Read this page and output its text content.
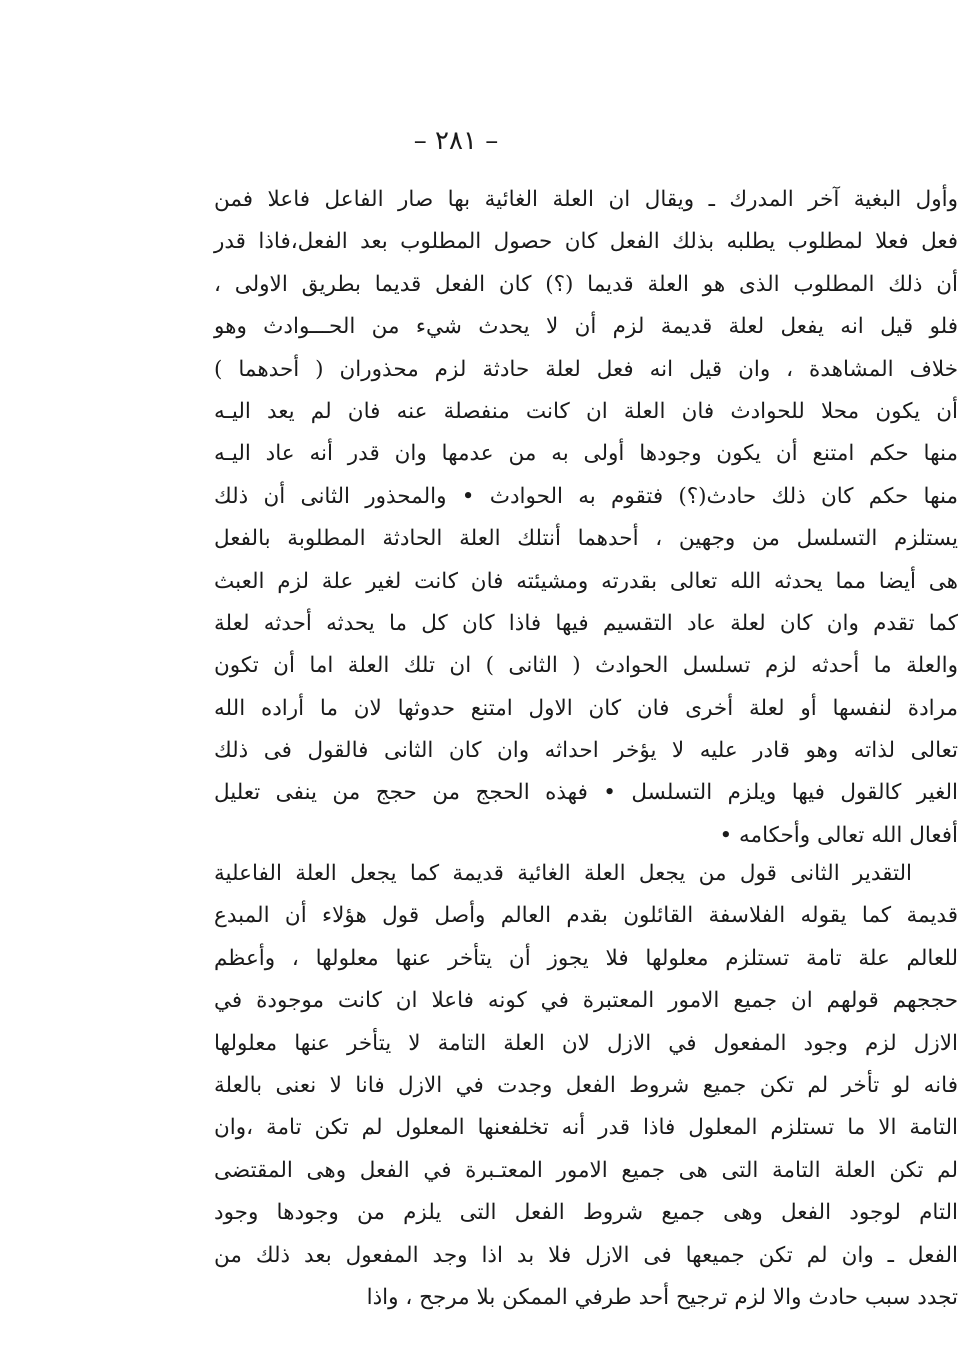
– ٢٨١ –
وأول البغية آخر المدرك ـ ويقال ان العلة الغائية بها صار الفاعل فاعلا فمن
فعل فعلا لمطلوب يطلبه بذلك الفعل كان حصول المطلوب بعد الفعل،فاذا قدر
أن ذلك المطلوب الذى هو العلة قديما (؟) كان الفعل قديما بطريق الاولى ،
فلو قيل انه يفعل لعلة قديمة لزم أن لا يحدث شيء من الحـــوادث وهو
خلاف المشاهدة ، وان قيل انه فعل لعلة حادثة لزم محذوران ( أحدهما )
أن يكون محلا للحوادث فان العلة ان كانت منفصلة عنه فان لم يعد اليـه
منها حكم امتنع أن يكون وجودها أولى به من عدمها وان قدر أنه عاد اليـه
منها حكم كان ذلك حادث(؟) فتقوم به الحوادث • والمحذور الثانى أن ذلك
يستلزم التسلسل من وجهين ، أحدهما أنتلك العلة الحادثة المطلوبة بالفعل
هى أيضا مما يحدثه الله تعالى بقدرته ومشيئته فان كانت لغير علة لزم العبث
كما تقدم وان كان لعلة عاد التقسيم فيها فاذا كان كل ما يحدثه أحدثه لعلة
والعلة ما أحدثه لزم تسلسل الحوادث ( الثانى ) ان تلك العلة اما أن تكون
مرادة لنفسها أو لعلة أخرى فان كان الاول امتنع حدوثها لان ما أراده الله
تعالى لذاته وهو قادر عليه لا يؤخر احداثه وان كان الثانى فالقول فى ذلك
الغير كالقول فيها ويلزم التسلسل • فهذه الحجج من حجج من ينفى تعليل
أفعال الله تعالى وأحكامه •
التقدير الثانى قول من يجعل العلة الغائية قديمة كما يجعل العلة الفاعلية
قديمة كما يقوله الفلاسفة القائلون بقدم العالم وأصل قول هؤلاء أن المبدع
للعالم علة تامة تستلزم معلولها فلا يجوز أن يتأخر عنها معلولها ، وأعظم
حججهم قولهم ان جميع الامور المعتبرة في كونه فاعلا ان كانت موجودة في
الازل لزم وجود المفعول في الازل لان العلة التامة لا يتأخر عنها معلولها
فانه لو تأخر لم تكن جميع شروط الفعل وجدت في الازل فانا لا نعنى بالعلة
التامة الا ما تستلزم المعلول فاذا قدر أنه تخلفعنها المعلول لم تكن تامة ،وان
لم تكن العلة التامة التى هى جميع الامور المعتـبرة في الفعل وهى المقتضى
التام لوجود الفعل وهى جميع شروط الفعل التى يلزم من وجودها وجود
الفعل ـ وان لم تكن جميعها فى الازل فلا بد اذا وجد المفعول بعد ذلك من
تجدد سبب حادث والا لزم ترجيح أحد طرفي الممكن بلا مرجح ، واذا
